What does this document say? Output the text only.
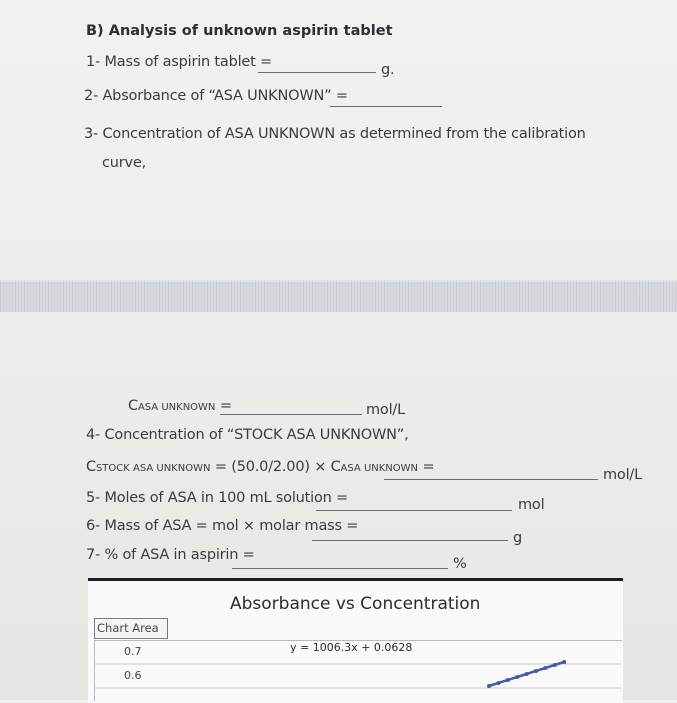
B) Analysis of unknown aspirin tablet
1- Mass of aspirin tablet =	g.
2- Absorbance of “ASA UNKNOWN” =
3- Concentration of ASA UNKNOWN as determined from the calibration
curve,
CASA UNKNOWN =	mol/L
4- Concentration of “STOCK ASA UNKNOWN”,
CSTOCK ASA UNKNOWN = (50.0/2.00) × CASA UNKNOWN =	mol/L
5- Moles of ASA in 100 mL solution =	mol
6- Mass of ASA = mol × molar mass =
g
7- % of ASA in aspirin =
%
Absorbance vs Concentration
Chart Area
0.7
0.6
y = 1006.3x + 0.0628
